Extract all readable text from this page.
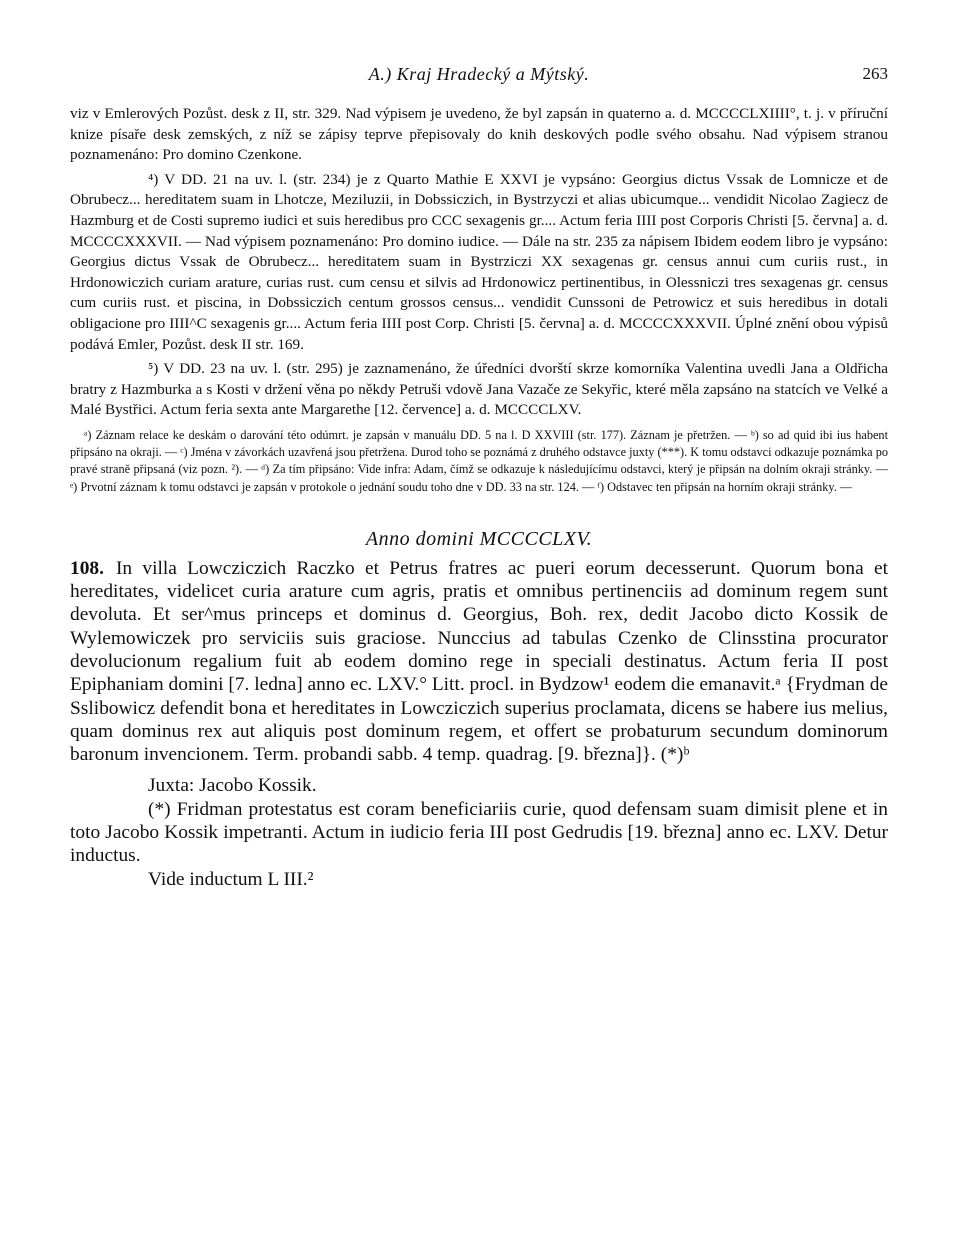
A.) Kraj Hradecký a Mýtský.	263

viz v Emlerových Pozůst. desk z II, str. 329. Nad výpisem je uvedeno, že byl zapsán in quaterno a. d. MCCCCLXIIII°, t. j. v příruční knize písaře desk zemských, z níž se zápisy teprve přepisovaly do knih deskových podle svého obsahu. Nad výpisem stranou poznamenáno: Pro domino Czenkone.

⁴) V DD. 21 na uv. l. (str. 234) je z Quarto Mathie E XXVI je vypsáno: Georgius dictus Vssak de Lomnicze et de Obrubecz... hereditatem suam in Lhotcze, Meziluzii, in Dobssiczich, in Bystrzyczi et alias ubicumque... vendidit Nicolao Zagiecz de Hazmburg et de Costi supremo iudici et suis heredibus pro CCC sexagenis gr.... Actum feria IIII post Corporis Christi [5. června] a. d. MCCCCXXXVII. — Nad výpisem poznamenáno: Pro domino iudice. — Dále na str. 235 za nápisem Ibidem eodem libro je vypsáno: Georgius dictus Vssak de Obrubecz... hereditatem suam in Bystrziczi XX sexagenas gr. census annui cum curiis rust., in Hrdonowiczich curiam arature, curias rust. cum censu et silvis ad Hrdonowicz pertinentibus, in Olessniczi tres sexagenas gr. census cum curiis rust. et piscina, in Dobssiczich centum grossos census... vendidit Cunssoni de Petrowicz et suis heredibus in dotali obligacione pro IIII^C sexagenis gr.... Actum feria IIII post Corp. Christi [5. června] a. d. MCCCCXXXVII. Úplné znění obou výpisů podává Emler, Pozůst. desk II str. 169.

⁵) V DD. 23 na uv. l. (str. 295) je zaznamenáno, že úředníci dvorští skrze komorníka Valentina uvedli Jana a Oldřicha bratry z Hazmburka a s Kosti v držení věna po někdy Petruši vdově Jana Vazače ze Sekyřic, které měla zapsáno na statcích ve Velké a Malé Bystřici. Actum feria sexta ante Margarethe [12. července] a. d. MCCCCLXV.

ᵃ) Záznam relace ke deskám o darování této odúmrt. je zapsán v manuálu DD. 5 na l. D XXVIII (str. 177). Záznam je přetržen. — ᵇ) so ad quid ibi ius habent připsáno na okraji. — ᶜ) Jména v závorkách uzavřená jsou přetržena. Durod toho se poznámá z druhého odstavce juxty (***). K tomu odstavci odkazuje poznámka po pravé straně připsaná (viz pozn. ²). — ᵈ) Za tím připsáno: Vide infra: Adam, čímž se odkazuje k následujícímu odstavci, který je připsán na dolním okraji stránky. — ᵉ) Prvotní záznam k tomu odstavci je zapsán v protokole o jednání soudu toho dne v DD. 33 na str. 124. — ᶠ) Odstavec ten připsán na horním okraji stránky. —

Anno domini MCCCCLXV.

108. In villa Lowcziczich Raczko et Petrus fratres ac pueri eorum decesserunt. Quorum bona et hereditates, videlicet curia arature cum agris, pratis et omnibus pertinenciis ad dominum regem sunt devoluta. Et ser^mus princeps et dominus d. Georgius, Boh. rex, dedit Jacobo dicto Kossik de Wylemowiczek pro serviciis suis graciose. Nunccius ad tabulas Czenko de Clinsstina procurator devolucionum regalium fuit ab eodem domino rege in speciali destinatus. Actum feria II post Epiphaniam domini [7. ledna] anno ec. LXV.° Litt. procl. in Bydzow¹ eodem die emanavit.ᵃ {Frydman de Sslibowicz defendit bona et hereditates in Lowcziczich superius proclamata, dicens se habere ius melius, quam dominus rex aut aliquis post dominum regem, et offert se probaturum secundum dominorum baronum invencionem. Term. probandi sabb. 4 temp. quadrag. [9. března]}. (*)ᵇ

Juxta: Jacobo Kossik.

(*) Fridman protestatus est coram beneficiariis curie, quod defensam suam dimisit plene et in toto Jacobo Kossik impetranti. Actum in iudicio feria III post Gedrudis [19. března] anno ec. LXV. Detur inductus.

Vide inductum L III.²
